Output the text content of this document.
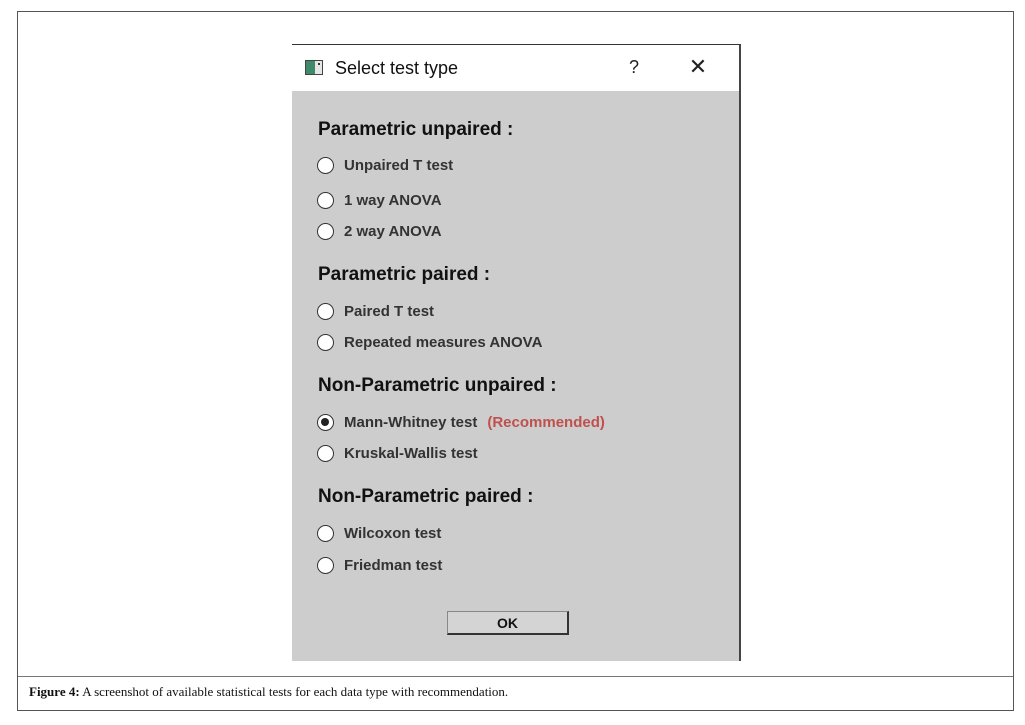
Select test type	? ✕
Parametric unpaired :
Unpaired T test
1 way ANOVA
2 way ANOVA
Parametric paired :
Paired T test
Repeated measures ANOVA
Non-Parametric unpaired :
Mann-Whitney test (Recommended)
Kruskal-Wallis test
Non-Parametric paired :
Wilcoxon test
Friedman test
OK
Figure 4: A screenshot of available statistical tests for each data type with recommendation.
